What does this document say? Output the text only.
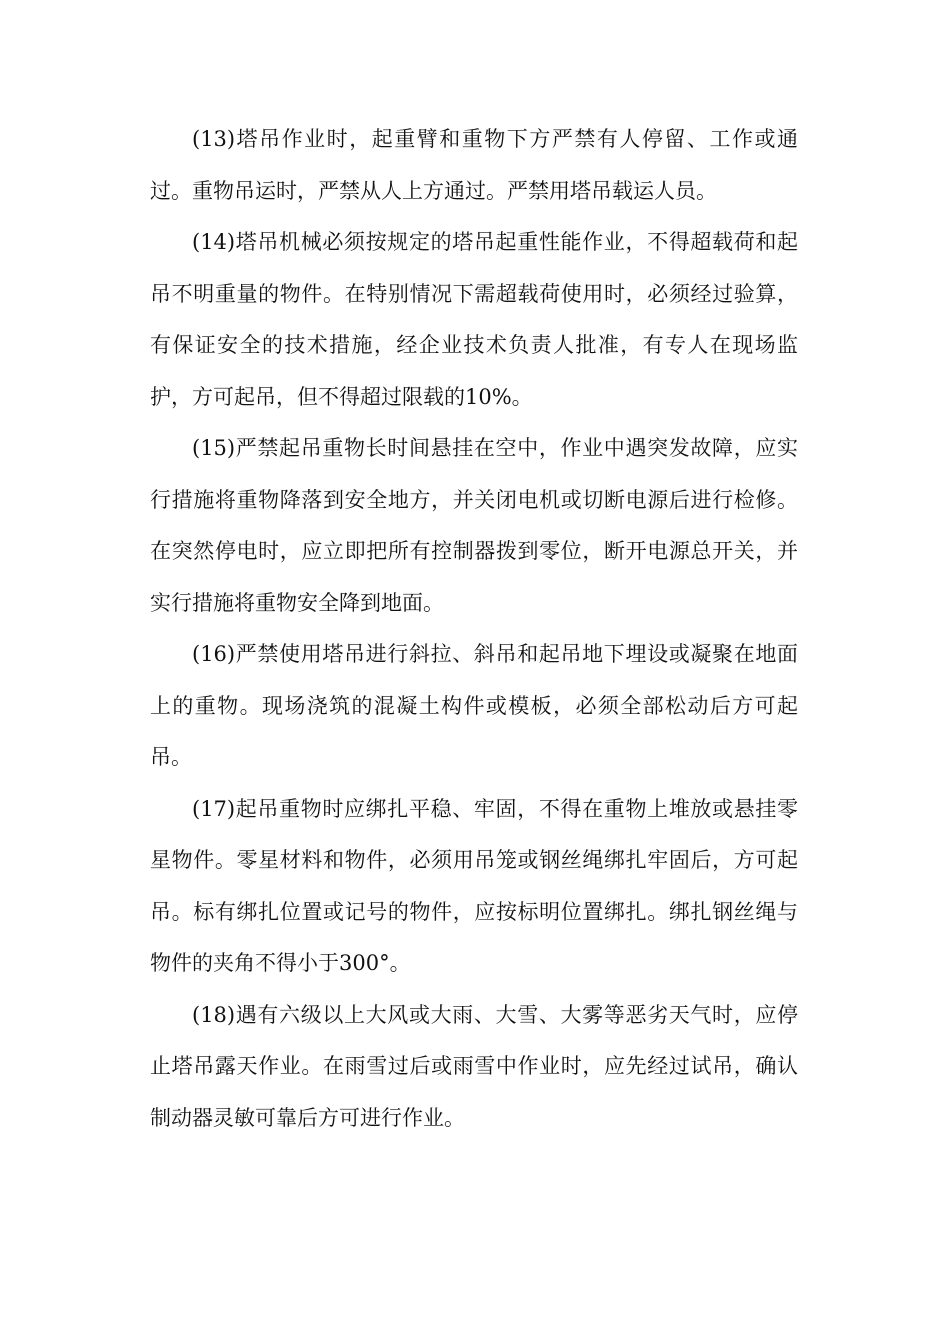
(13)塔吊作业时，起重臂和重物下方严禁有人停留、工作或通过。重物吊运时，严禁从人上方通过。严禁用塔吊载运人员。

(14)塔吊机械必须按规定的塔吊起重性能作业，不得超载荷和起吊不明重量的物件。在特别情况下需超载荷使用时，必须经过验算，有保证安全的技术措施，经企业技术负责人批准，有专人在现场监护，方可起吊，但不得超过限载的10%。

(15)严禁起吊重物长时间悬挂在空中，作业中遇突发故障，应实行措施将重物降落到安全地方，并关闭电机或切断电源后进行检修。在突然停电时，应立即把所有控制器拨到零位，断开电源总开关，并实行措施将重物安全降到地面。

(16)严禁使用塔吊进行斜拉、斜吊和起吊地下埋设或凝聚在地面上的重物。现场浇筑的混凝土构件或模板，必须全部松动后方可起吊。

(17)起吊重物时应绑扎平稳、牢固，不得在重物上堆放或悬挂零星物件。零星材料和物件，必须用吊笼或钢丝绳绑扎牢固后，方可起吊。标有绑扎位置或记号的物件，应按标明位置绑扎。绑扎钢丝绳与物件的夹角不得小于300°。

(18)遇有六级以上大风或大雨、大雪、大雾等恶劣天气时，应停止塔吊露天作业。在雨雪过后或雨雪中作业时，应先经过试吊，确认制动器灵敏可靠后方可进行作业。
